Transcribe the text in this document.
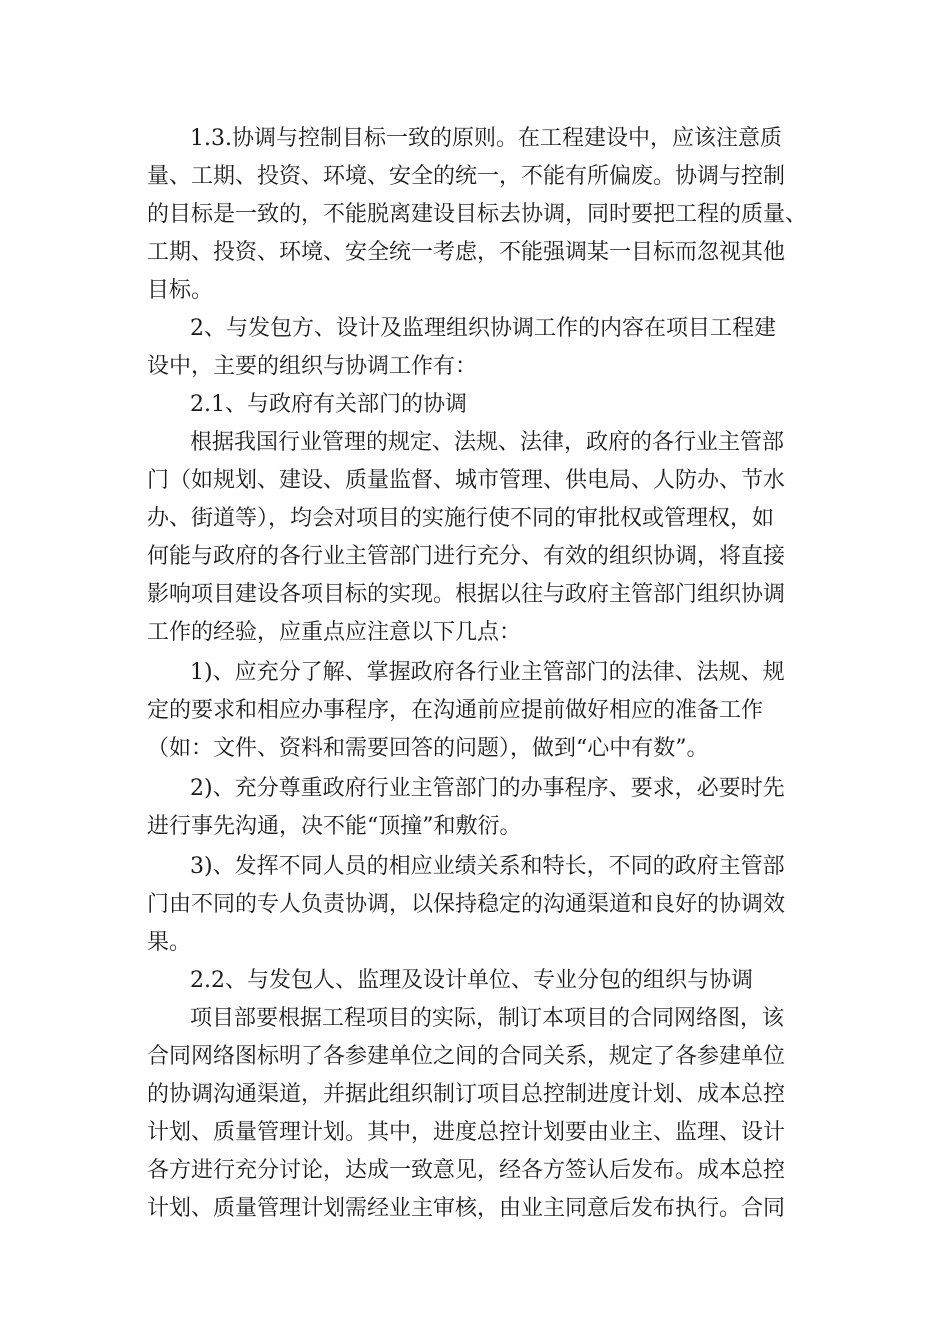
1.3.协调与控制目标一致的原则。在工程建设中，应该注意质

量、工期、投资、环境、安全的统一，不能有所偏废。协调与控制

的目标是一致的，不能脱离建设目标去协调，同时要把工程的质量、

工期、投资、环境、安全统一考虑，不能强调某一目标而忽视其他

目标。

2、与发包方、设计及监理组织协调工作的内容在项目工程建

设中，主要的组织与协调工作有：

2.1、与政府有关部门的协调

根据我国行业管理的规定、法规、法律，政府的各行业主管部

门（如规划、建设、质量监督、城市管理、供电局、人防办、节水

办、街道等），均会对项目的实施行使不同的审批权或管理权，如

何能与政府的各行业主管部门进行充分、有效的组织协调，将直接

影响项目建设各项目标的实现。根据以往与政府主管部门组织协调

工作的经验，应重点应注意以下几点：

1)、应充分了解、掌握政府各行业主管部门的法律、法规、规

定的要求和相应办事程序，在沟通前应提前做好相应的准备工作

（如：文件、资料和需要回答的问题），做到“心中有数”。

2)、充分尊重政府行业主管部门的办事程序、要求，必要时先

进行事先沟通，决不能“顶撞”和敷衍。

3)、发挥不同人员的相应业绩关系和特长，不同的政府主管部

门由不同的专人负责协调，以保持稳定的沟通渠道和良好的协调效

果。

2.2、与发包人、监理及设计单位、专业分包的组织与协调

项目部要根据工程项目的实际，制订本项目的合同网络图，该

合同网络图标明了各参建单位之间的合同关系，规定了各参建单位

的协调沟通渠道，并据此组织制订项目总控制进度计划、成本总控

计划、质量管理计划。其中，进度总控计划要由业主、监理、设计

各方进行充分讨论，达成一致意见，经各方签认后发布。成本总控

计划、质量管理计划需经业主审核，由业主同意后发布执行。合同
